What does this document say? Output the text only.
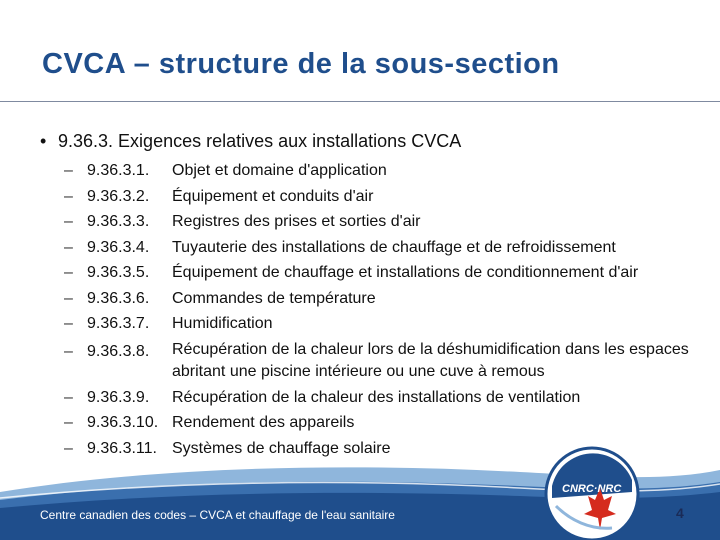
CVCA – structure de la sous-section
• 9.36.3. Exigences relatives aux installations CVCA
– 9.36.3.1.	Objet et domaine d'application
– 9.36.3.2.	Équipement et conduits d'air
– 9.36.3.3.	Registres des prises et sorties d'air
– 9.36.3.4.	Tuyauterie des installations de chauffage et de refroidissement
– 9.36.3.5.	Équipement de chauffage et installations de conditionnement d'air
– 9.36.3.6.	Commandes de température
– 9.36.3.7.	Humidification
– 9.36.3.8.	Récupération de la chaleur lors de la déshumidification dans les espaces abritant une piscine intérieure ou une cuve à remous
– 9.36.3.9.	Récupération de la chaleur des installations de ventilation
– 9.36.3.10. Rendement des appareils
– 9.36.3.11. Systèmes de chauffage solaire
CNRC·NRC
Centre canadien des codes – CVCA et chauffage de l'eau sanitaire	4
